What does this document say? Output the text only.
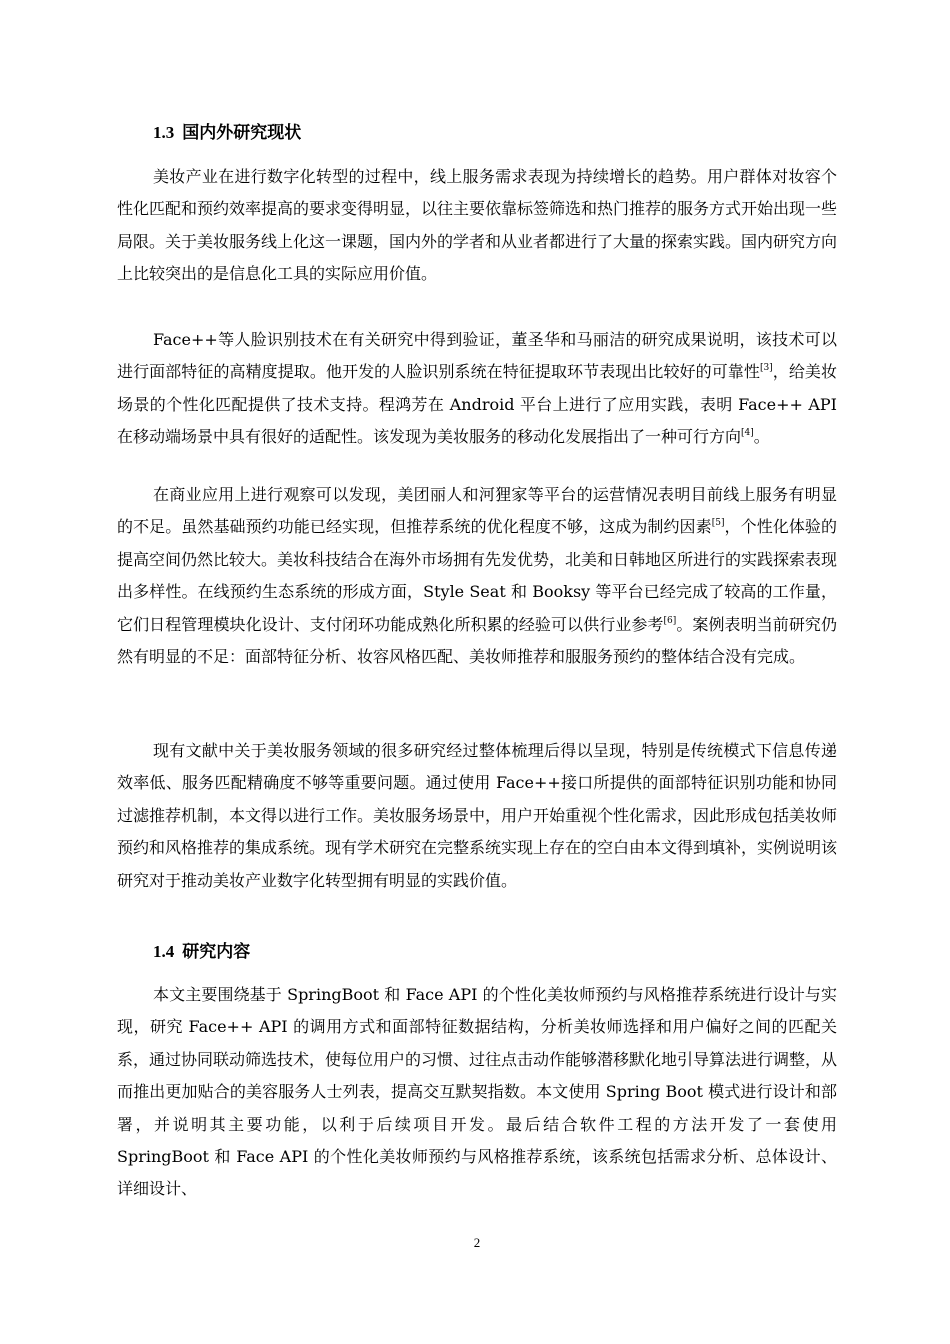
1.3 国内外研究现状

美妆产业在进行数字化转型的过程中，线上服务需求表现为持续增长的趋势。用户群体对妆容个性化匹配和预约效率提高的要求变得明显，以往主要依靠标签筛选和热门推荐的服务方式开始出现一些局限。关于美妆服务线上化这一课题，国内外的学者和从业者都进行了大量的探索实践。国内研究方向上比较突出的是信息化工具的实际应用价值。

Face++等人脸识别技术在有关研究中得到验证，董圣华和马丽洁的研究成果说明，该技术可以进行面部特征的高精度提取。他开发的人脸识别系统在特征提取环节表现出比较好的可靠性[3]，给美妆场景的个性化匹配提供了技术支持。程鸿芳在 Android 平台上进行了应用实践，表明 Face++ API 在移动端场景中具有很好的适配性。该发现为美妆服务的移动化发展指出了一种可行方向[4]。

在商业应用上进行观察可以发现，美团丽人和河狸家等平台的运营情况表明目前线上服务有明显的不足。虽然基础预约功能已经实现，但推荐系统的优化程度不够，这成为制约因素[5]，个性化体验的提高空间仍然比较大。美妆科技结合在海外市场拥有先发优势，北美和日韩地区所进行的实践探索表现出多样性。在线预约生态系统的形成方面，Style Seat 和 Booksy 等平台已经完成了较高的工作量，它们日程管理模块化设计、支付闭环功能成熟化所积累的经验可以供行业参考[6]。案例表明当前研究仍然有明显的不足：面部特征分析、妆容风格匹配、美妆师推荐和服服务预约的整体结合没有完成。

现有文献中关于美妆服务领域的很多研究经过整体梳理后得以呈现，特别是传统模式下信息传递效率低、服务匹配精确度不够等重要问题。通过使用 Face++接口所提供的面部特征识别功能和协同过滤推荐机制，本文得以进行工作。美妆服务场景中，用户开始重视个性化需求，因此形成包括美妆师预约和风格推荐的集成系统。现有学术研究在完整系统实现上存在的空白由本文得到填补，实例说明该研究对于推动美妆产业数字化转型拥有明显的实践价值。

1.4 研究内容

本文主要围绕基于 SpringBoot 和 Face API 的个性化美妆师预约与风格推荐系统进行设计与实现，研究 Face++ API 的调用方式和面部特征数据结构，分析美妆师选择和用户偏好之间的匹配关系，通过协同联动筛选技术，使每位用户的习惯、过往点击动作能够潜移默化地引导算法进行调整，从而推出更加贴合的美容服务人士列表，提高交互默契指数。本文使用 Spring Boot 模式进行设计和部署，并说明其主要功能，以利于后续项目开发。最后结合软件工程的方法开发了一套使用 SpringBoot 和 Face API 的个性化美妆师预约与风格推荐系统，该系统包括需求分析、总体设计、详细设计、

2
